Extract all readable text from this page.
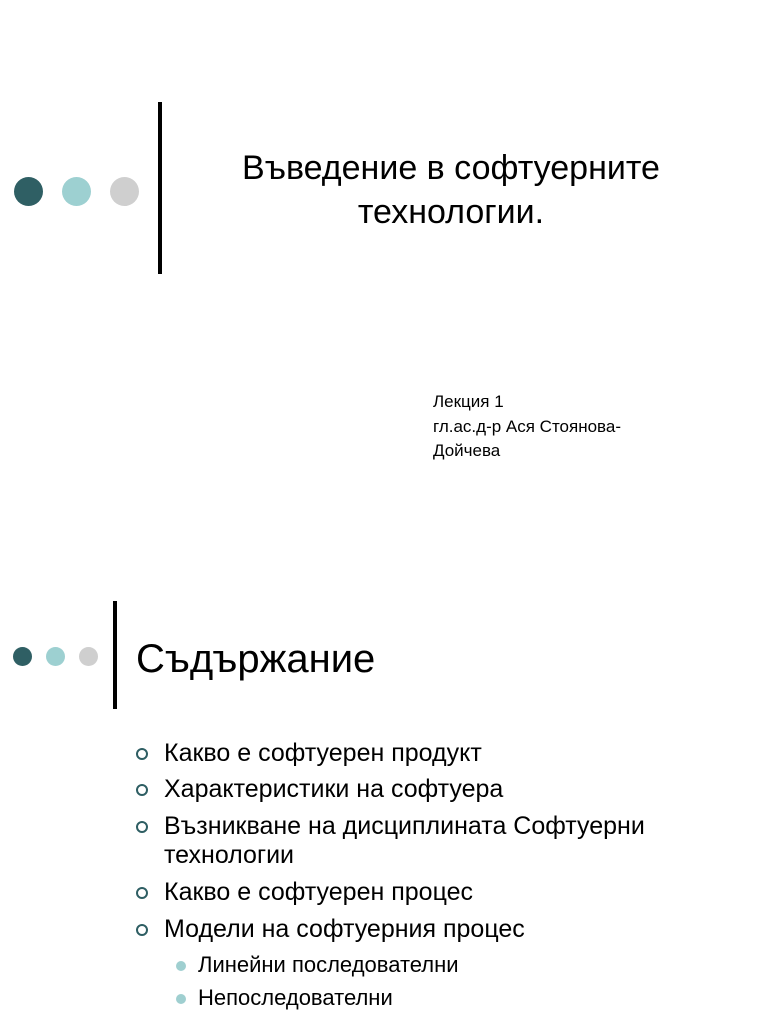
Въведение в софтуерните
технологии.
Лекция 1
гл.ас.д-р Ася Стоянова-
Дойчева
Съдържание
Какво е софтуерен продукт
Характеристики на софтуера
Възникване на дисциплината Софтуерни технологии
Какво е софтуерен процес
Модели на софтуерния процес
Линейни последователни
Непоследователни
